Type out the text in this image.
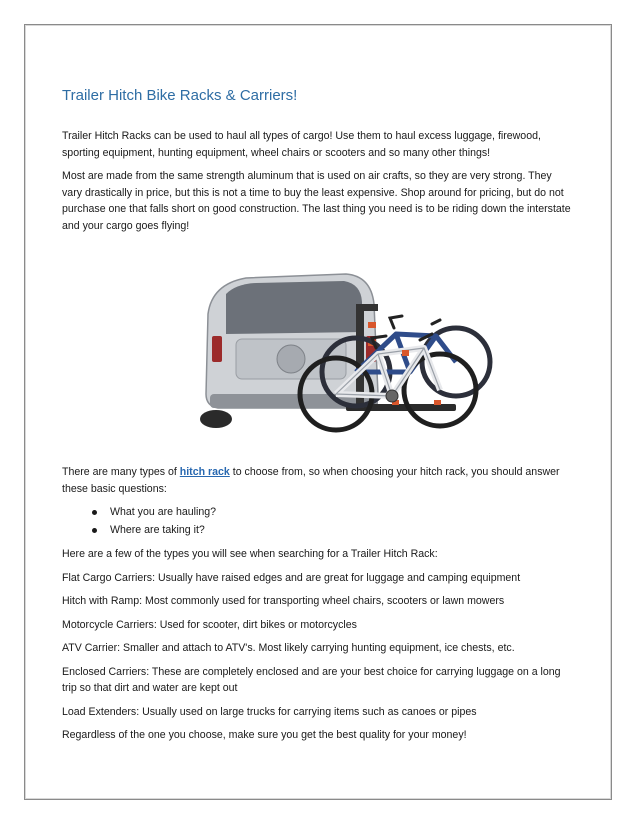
Trailer Hitch Bike Racks & Carriers!

Trailer Hitch Racks can be used to haul all types of cargo! Use them to haul excess luggage, firewood, sporting equipment, hunting equipment, wheel chairs or scooters and so many other things!

Most are made from the same strength aluminum that is used on air crafts, so they are very strong. They vary drastically in price, but this is not a time to buy the least expensive. Shop around for pricing, but do not purchase one that falls short on good construction. The last thing you need is to be riding down the interstate and your cargo goes flying!

There are many types of hitch rack to choose from, so when choosing your hitch rack, you should answer these basic questions:

What you are hauling?
Where are taking it?

Here are a few of the types you will see when searching for a Trailer Hitch Rack:

Flat Cargo Carriers: Usually have raised edges and are great for luggage and camping equipment

Hitch with Ramp: Most commonly used for transporting wheel chairs, scooters or lawn mowers

Motorcycle Carriers: Used for scooter, dirt bikes or motorcycles

ATV Carrier: Smaller and attach to ATV's. Most likely carrying hunting equipment, ice chests, etc.

Enclosed Carriers: These are completely enclosed and are your best choice for carrying luggage on a long trip so that dirt and water are kept out

Load Extenders: Usually used on large trucks for carrying items such as canoes or pipes

Regardless of the one you choose, make sure you get the best quality for your money!
